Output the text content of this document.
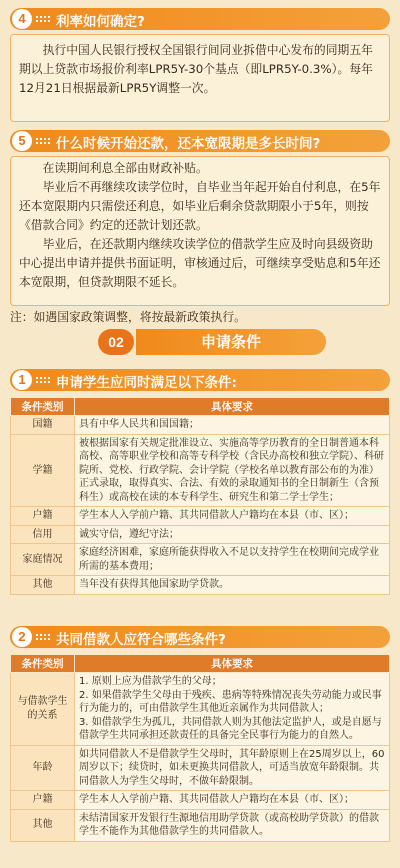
4	利率如何确定?

执行中国人民银行授权全国银行间同业拆借中心发布的同期五年期以上贷款市场报价利率LPR5Y-30个基点（即LPR5Y-0.3%）。每年12月21日根据最新LPR5Y调整一次。

5	什么时候开始还款，还本宽限期是多长时间?

在读期间利息全部由财政补贴。

毕业后不再继续攻读学位时，自毕业当年起开始自付利息，在5年还本宽限期内只需偿还利息，如毕业后剩余贷款期限小于5年，则按《借款合同》约定的还款计划还款。

毕业后，在还款期内继续攻读学位的借款学生应及时向县级资助中心提出申请并提供书面证明，审核通过后，可继续享受贴息和5年还本宽限期，但贷款期限不延长。

注：如遇国家政策调整，将按最新政策执行。
02	申请条件
1	申请学生应同时满足以下条件:
条件类别	具体要求
国籍	具有中华人民共和国国籍；
学籍	被根据国家有关规定批准设立、实施高等学历教育的全日制普通本科高校、高等职业学校和高等专科学校（含民办高校和独立学院）、科研院所、党校、行政学院、会计学院（学校名单以教育部公布的为准）正式录取，取得真实、合法、有效的录取通知书的全日制新生（含预科生）或高校在读的本专科学生、研究生和第二学士学生；
户籍	学生本人入学前户籍、其共同借款人户籍均在本县（市、区）；
信用	诚实守信，遵纪守法；
家庭情况	家庭经济困难，家庭所能获得收入不足以支持学生在校期间完成学业所需的基本费用；
其他	当年没有获得其他国家助学贷款。
2	共同借款人应符合哪些条件?
条件类别	具体要求
与借款学生的关系	1. 原则上应为借款学生的父母；
2. 如果借款学生父母由于残疾、患病等特殊情况丧失劳动能力或民事行为能力的，可由借款学生其他近亲属作为共同借款人；
3. 如借款学生为孤儿，共同借款人则为其他法定监护人，或是自愿与借款学生共同承担还款责任的具备完全民事行为能力的自然人。
年龄	如共同借款人不是借款学生父母时，其年龄原则上在25周岁以上，60周岁以下；续贷时，如未更换共同借款人，可适当放宽年龄限制。共同借款人为学生父母时，不做年龄限制。
户籍	学生本人入学前户籍、其共同借款人户籍均在本县（市、区）；
其他	未结清国家开发银行生源地信用助学贷款（或高校助学贷款）的借款学生不能作为其他借款学生的共同借款人。
